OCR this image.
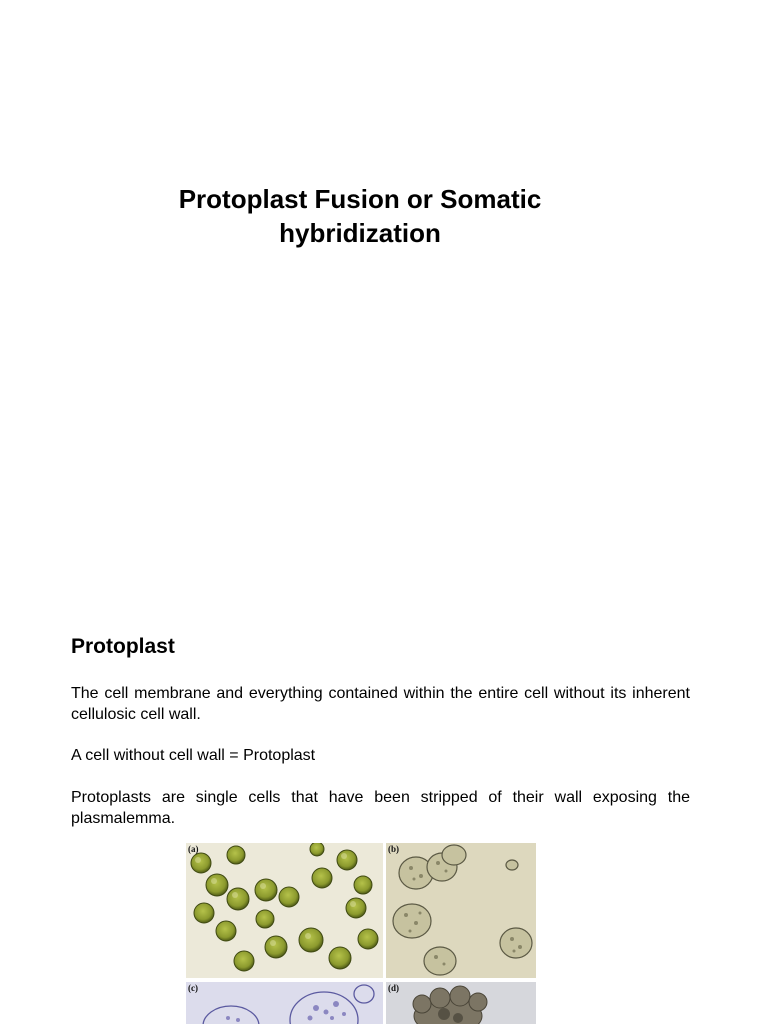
Protoplast Fusion or Somatic
hybridization
Protoplast
The cell membrane and everything contained within the entire cell without its inherent cellulosic cell wall.
A cell without cell wall = Protoplast
Protoplasts are single cells that have been stripped of their wall exposing the plasmalemma.
(a)	(b)
(c)	(d)
